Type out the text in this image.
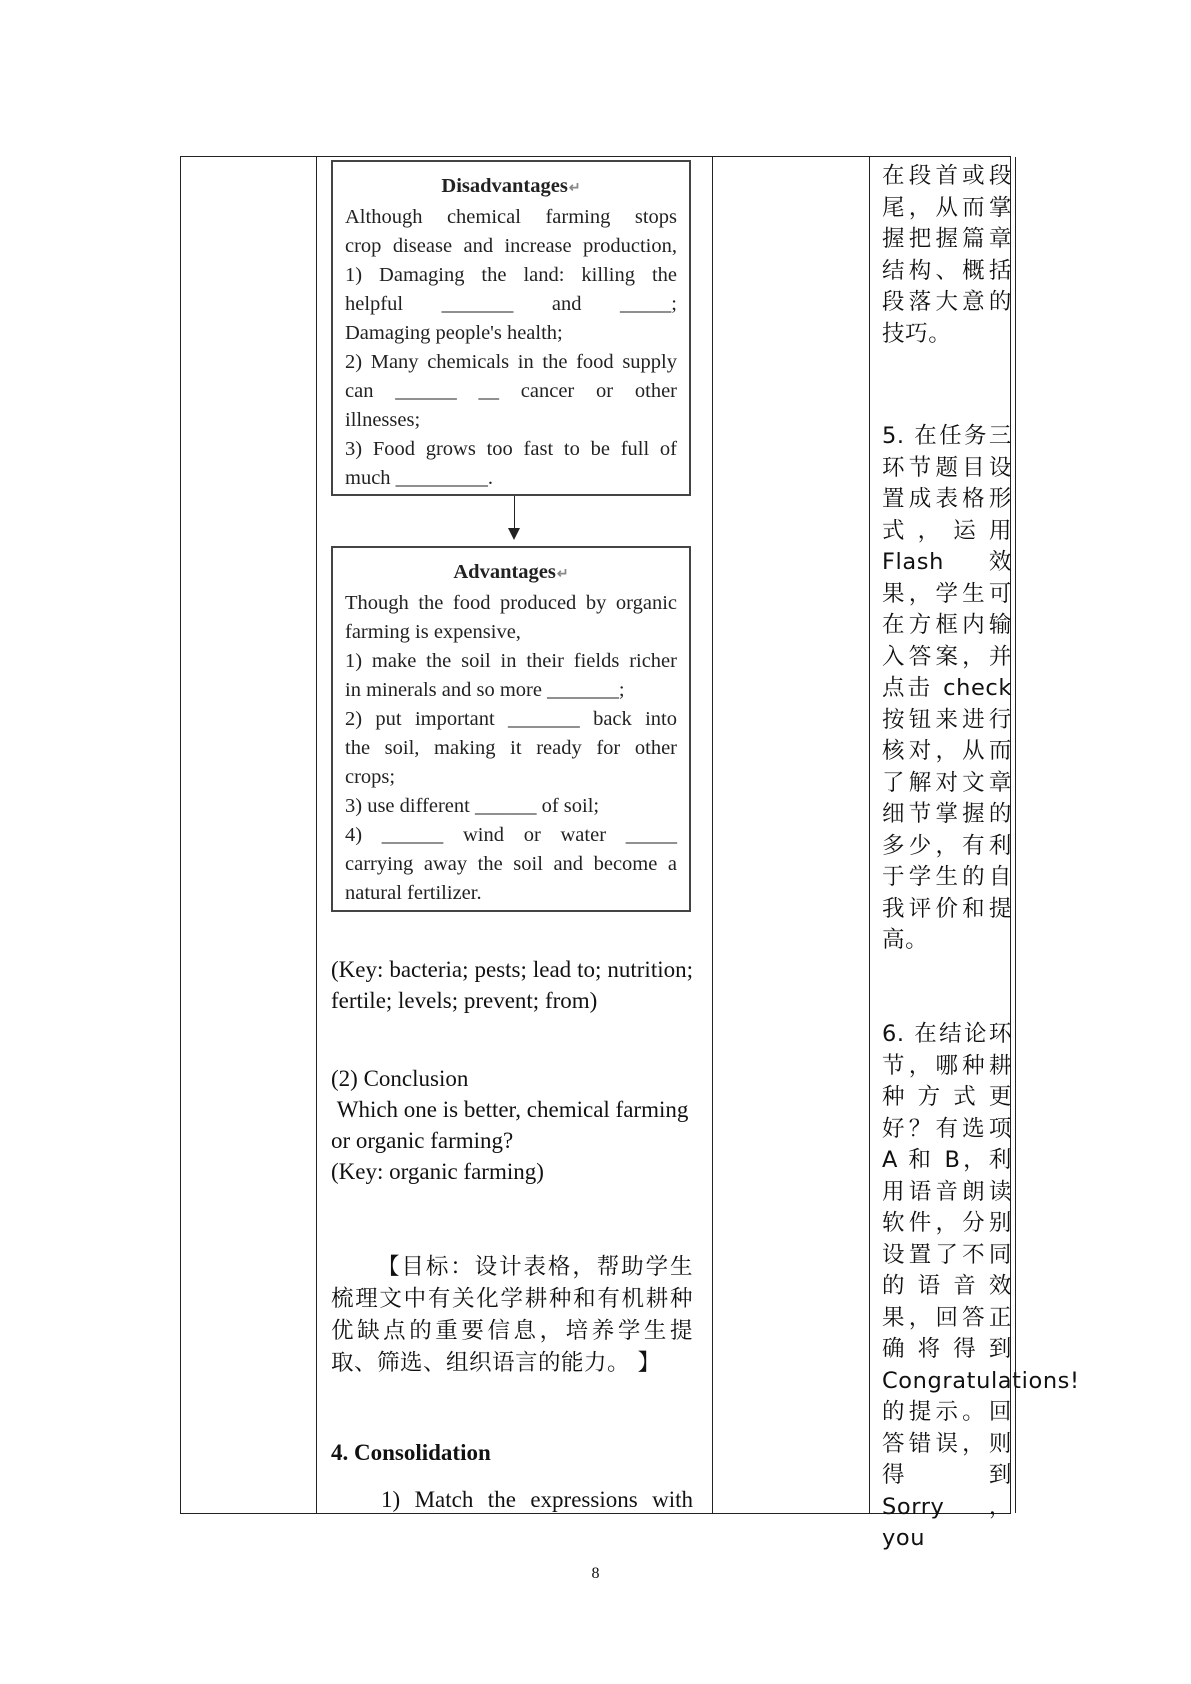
Disadvantages↵
Although chemical farming stops
crop disease and increase production,
1) Damaging the land: killing the
helpful _______ and _____;
Damaging people's health;
2) Many chemicals in the food supply
can ______ __ cancer or other
illnesses;
3) Food grows too fast to be full of
much _________.
Advantages↵
Though the food produced by organic
farming is expensive,
1) make the soil in their fields richer
in minerals and so more _______;
2) put important _______ back into
the soil, making it ready for other
crops;
3) use different ______ of soil;
4) ______ wind or water _____
carrying away the soil and become a
natural fertilizer.
(Key: bacteria; pests; lead to; nutrition; fertile; levels; prevent; from)
(2) Conclusion
Which one is better, chemical farming or organic farming?
(Key: organic farming)
【目标：设计表格，帮助学生梳理文中有关化学耕种和有机耕种优缺点的重要信息，培养学生提取、筛选、组织语言的能力。 】
4. Consolidation
1) Match the expressions with
在段首或段尾，从而掌握把握篇章结构、概括段落大意的技巧。
5. 在任务三环节题目设置成表格形式，运用 Flash 效果，学生可在方框内输入答案，并点击 check 按钮来进行核对，从而了解对文章细节掌握的多少，有利于学生的自我评价和提高。
6. 在结论环节，哪种耕种方式更好？有选项 A 和 B，利用语音朗读软件，分别设置了不同的语音效果，回答正确将得到 Congratulations! 的提示。回答错误，则得到 Sorry， you
8
